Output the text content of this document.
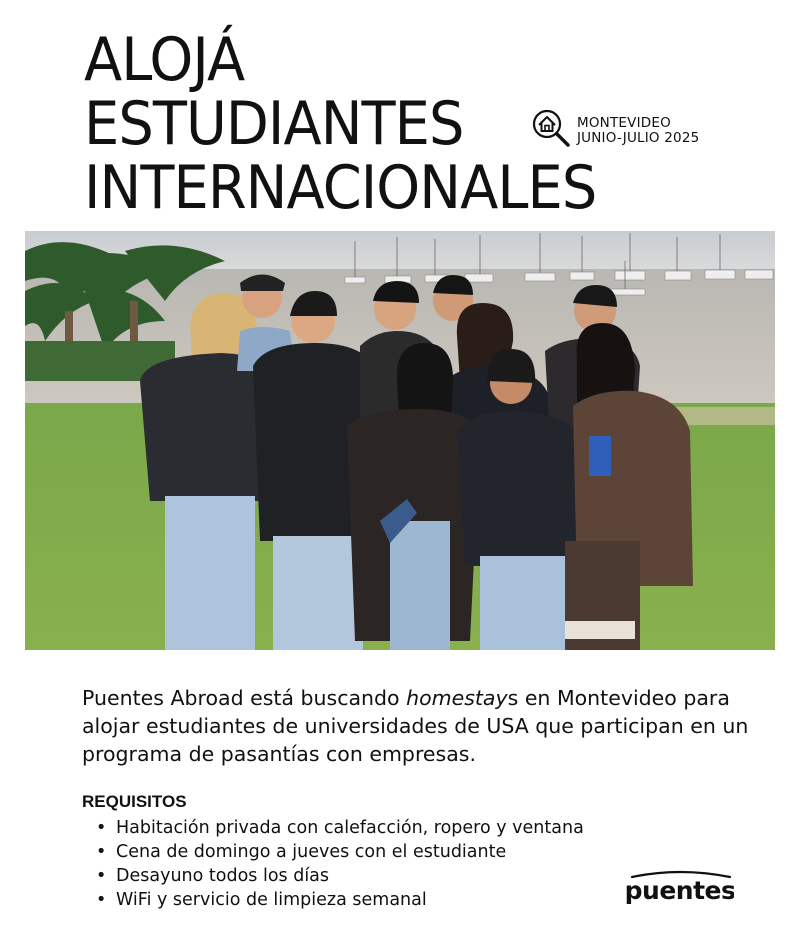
ALOJÁ
ESTUDIANTES
INTERNACIONALES
MONTEVIDEO
JUNIO-JULIO 2025
Puentes Abroad está buscando homestays en Montevideo para alojar estudiantes de universidades de USA que participan en un programa de pasantías con empresas.
REQUISITOS
• Habitación privada con calefacción, ropero y ventana
• Cena de domingo a jueves con el estudiante
• Desayuno todos los días
• WiFi y servicio de limpieza semanal	puentes
